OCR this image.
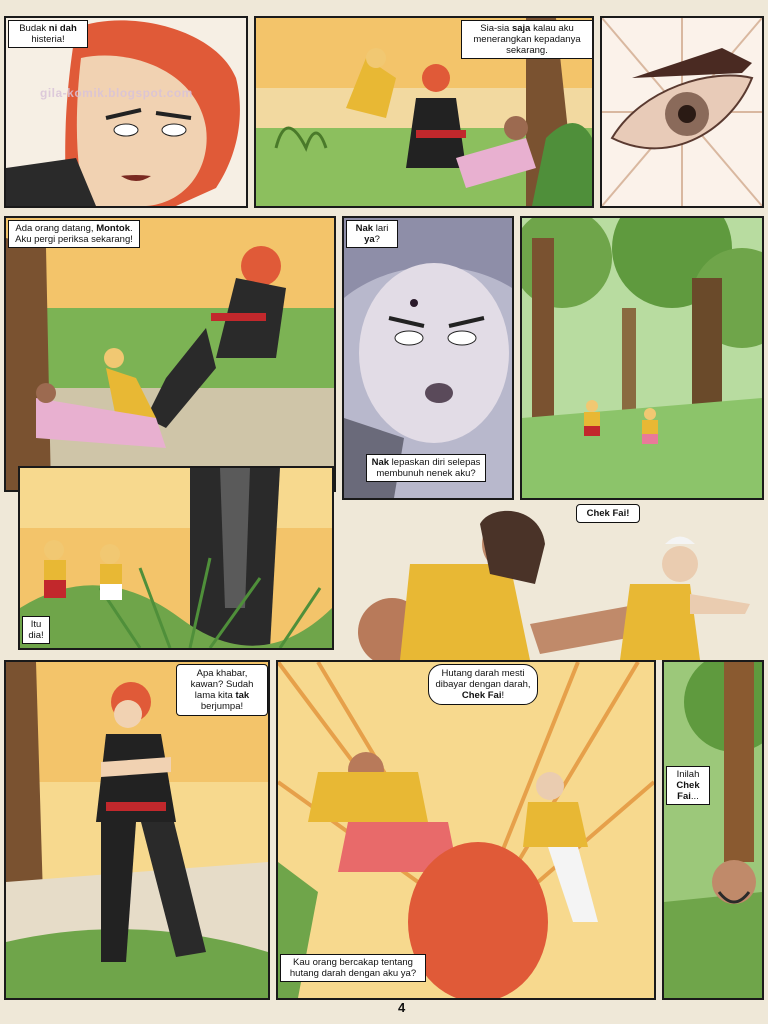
Budak ni dah histeria!
Sia-sia saja kalau aku menerangkan kepadanya sekarang.
Ada orang datang, Montok. Aku pergi periksa sekarang!
Nak lari ya?
Nak lepaskan diri selepas membunuh nenek aku?
Itu dia!
Chek Fai!
Apa khabar, kawan? Sudah lama kita tak berjumpa!
Hutang darah mesti dibayar dengan darah, Chek Fai!
Kau orang bercakap tentang hutang darah dengan aku ya?
Inilah Chek Fai...
gila-komik.blogspot.com
4
